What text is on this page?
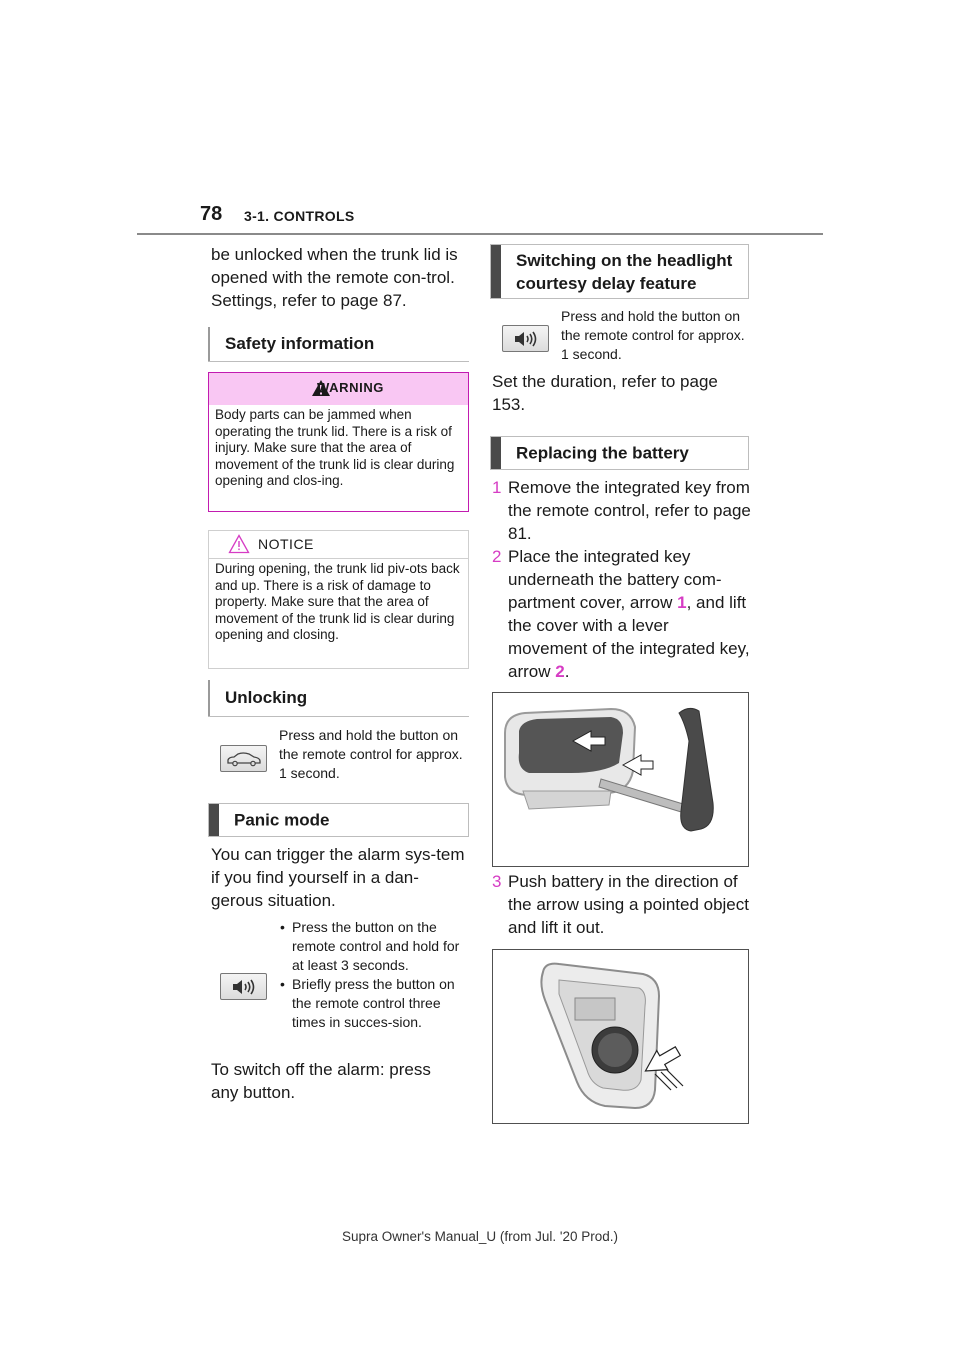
78 3-1. CONTROLS
be unlocked when the trunk lid is opened with the remote con-trol. Settings, refer to page 87.
Safety information
WARNING
Body parts can be jammed when operating the trunk lid. There is a risk of injury. Make sure that the area of movement of the trunk lid is clear during opening and clos-ing.
NOTICE
During opening, the trunk lid piv-ots back and up. There is a risk of damage to property. Make sure that the area of movement of the trunk lid is clear during opening and closing.
Unlocking
Press and hold the button on the remote control for approx. 1 second.
Panic mode
You can trigger the alarm sys-tem if you find yourself in a dan-gerous situation.
• Press the button on the remote control and hold for at least 3 seconds.
• Briefly press the button on the remote control three times in succes-sion.
To switch off the alarm: press any button.
Switching on the headlight courtesy delay feature
Press and hold the button on the remote control for approx. 1 second.
Set the duration, refer to page 153.
Replacing the battery
1 Remove the integrated key from the remote control, refer to page 81.
2 Place the integrated key underneath the battery com-partment cover, arrow 1, and lift the cover with a lever movement of the integrated key, arrow 2.
3 Push battery in the direction of the arrow using a pointed object and lift it out.
Supra Owner's Manual_U (from Jul. '20 Prod.)
